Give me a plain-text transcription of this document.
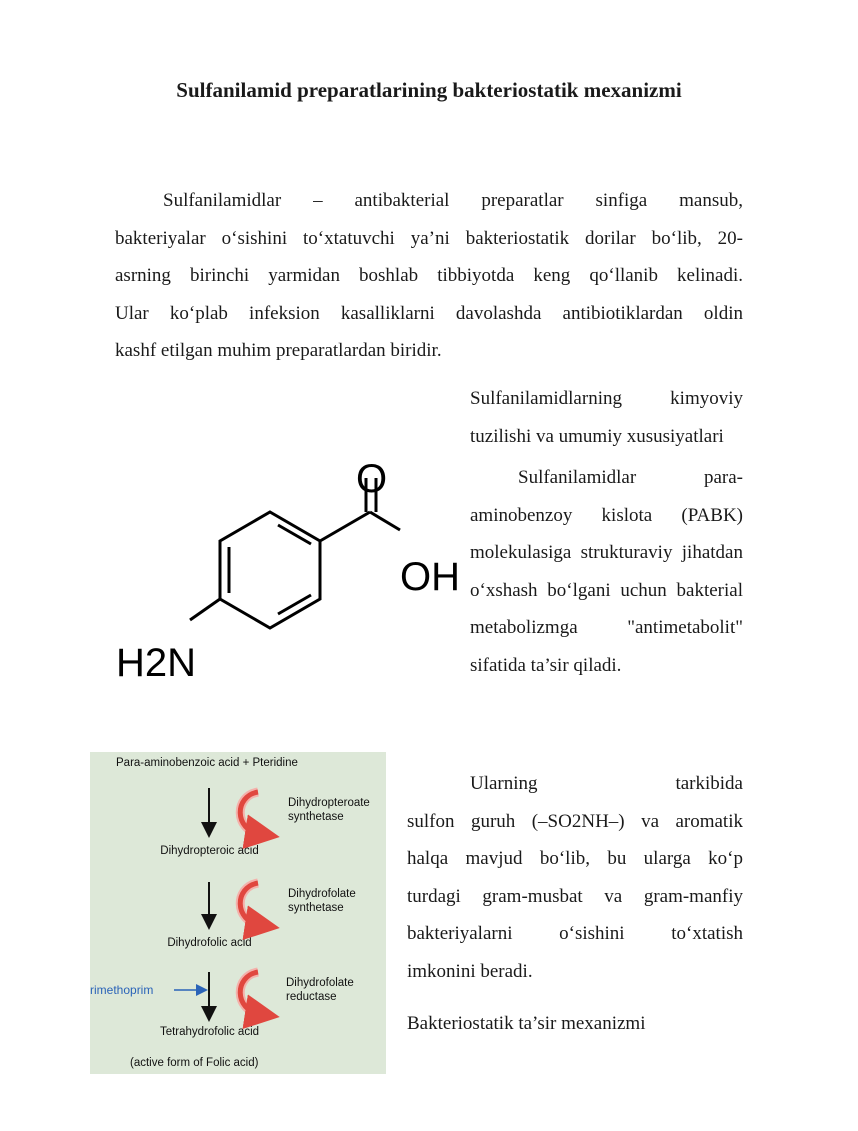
Sulfanilamid preparatlarining bakteriostatik mexanizmi
Sulfanilamidlar – antibakterial preparatlar sinfiga mansub,
bakteriyalar o‘sishini to‘xtatuvchi ya’ni bakteriostatik dorilar bo‘lib, 20-
asrning birinchi yarmidan boshlab tibbiyotda keng qo‘llanib kelinadi.
Ular ko‘plab infeksion kasalliklarni davolashda antibiotiklardan oldin
kashf etilgan muhim preparatlardan biridir.
O
OH
H2N
Sulfanilamidlarning kimyoviy tuzilishi va umumiy xususiyatlari
Sulfanilamidlar para-aminobenzoy kislota (PABK) molekulasiga strukturaviy jihatdan o‘xshash bo‘lgani uchun bakterial metabolizmga "antimetabolit" sifatida ta’sir qiladi.
Ularning tarkibida
sulfon guruh (–SO2NH–) va aromatik
halqa mavjud bo‘lib, bu ularga ko‘p
turdagi gram-musbat va gram-manfiy
bakteriyalarni o‘sishini to‘xtatish
imkonini beradi.
Bakteriostatik ta’sir mexanizmi
Para-aminobenzoic acid + Pteridine
Dihydropteroic acid
Dihydrofolic acid
Tetrahydrofolic acid
(active form of Folic acid)
Dihydropteroate synthetase
Dihydrofolate synthetase
Dihydrofolate reductase
rimethoprim
